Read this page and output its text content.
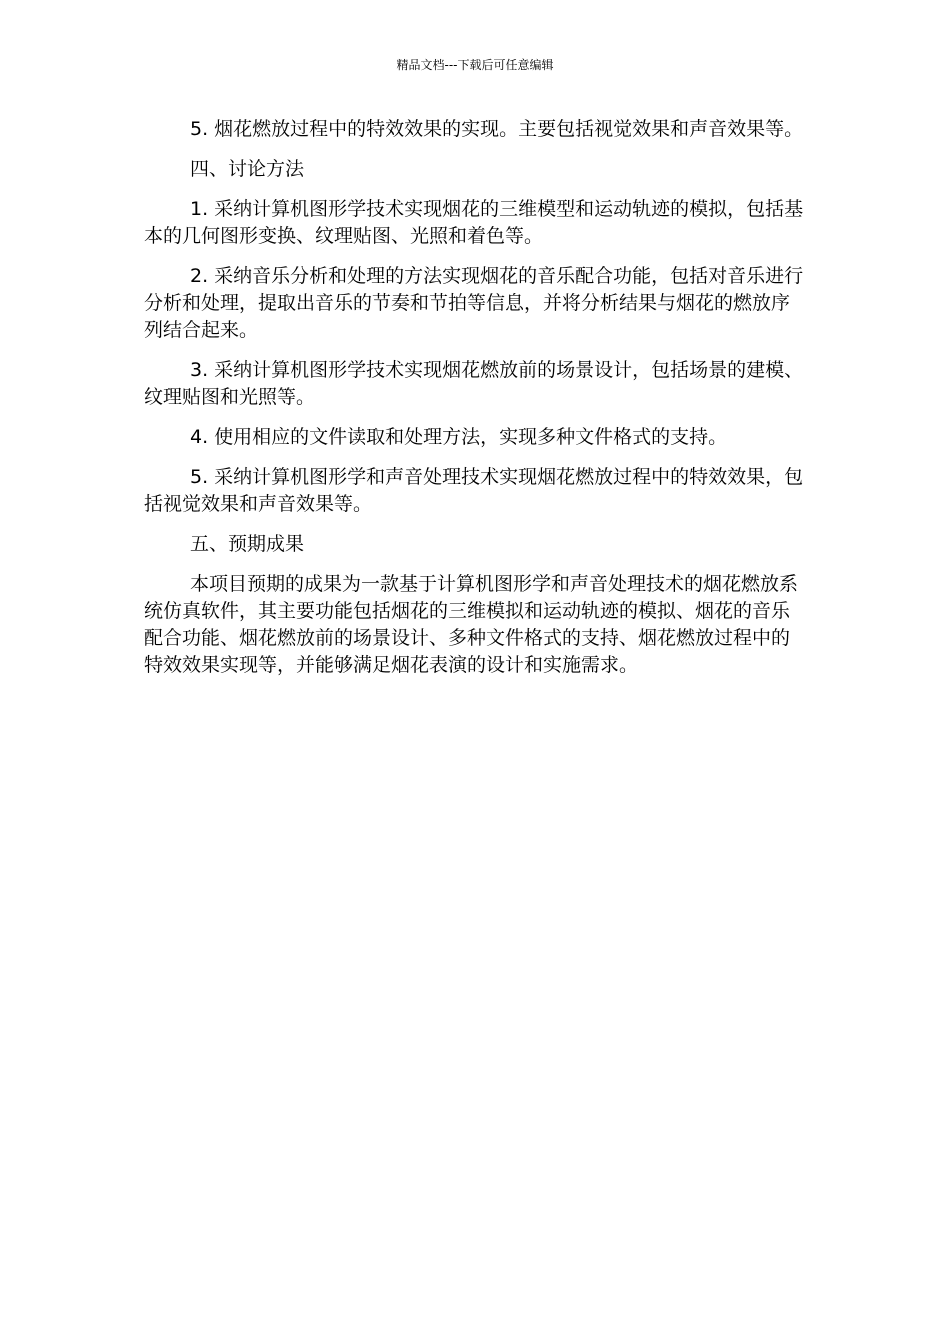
精品文档---下载后可任意编辑

5. 烟花燃放过程中的特效效果的实现。主要包括视觉效果和声音效果等。

四、讨论方法

1. 采纳计算机图形学技术实现烟花的三维模型和运动轨迹的模拟，包括基本的几何图形变换、纹理贴图、光照和着色等。

2. 采纳音乐分析和处理的方法实现烟花的音乐配合功能，包括对音乐进行分析和处理，提取出音乐的节奏和节拍等信息，并将分析结果与烟花的燃放序列结合起来。

3. 采纳计算机图形学技术实现烟花燃放前的场景设计，包括场景的建模、纹理贴图和光照等。

4. 使用相应的文件读取和处理方法，实现多种文件格式的支持。

5. 采纳计算机图形学和声音处理技术实现烟花燃放过程中的特效效果，包括视觉效果和声音效果等。

五、预期成果

本项目预期的成果为一款基于计算机图形学和声音处理技术的烟花燃放系统仿真软件，其主要功能包括烟花的三维模拟和运动轨迹的模拟、烟花的音乐配合功能、烟花燃放前的场景设计、多种文件格式的支持、烟花燃放过程中的特效效果实现等，并能够满足烟花表演的设计和实施需求。
